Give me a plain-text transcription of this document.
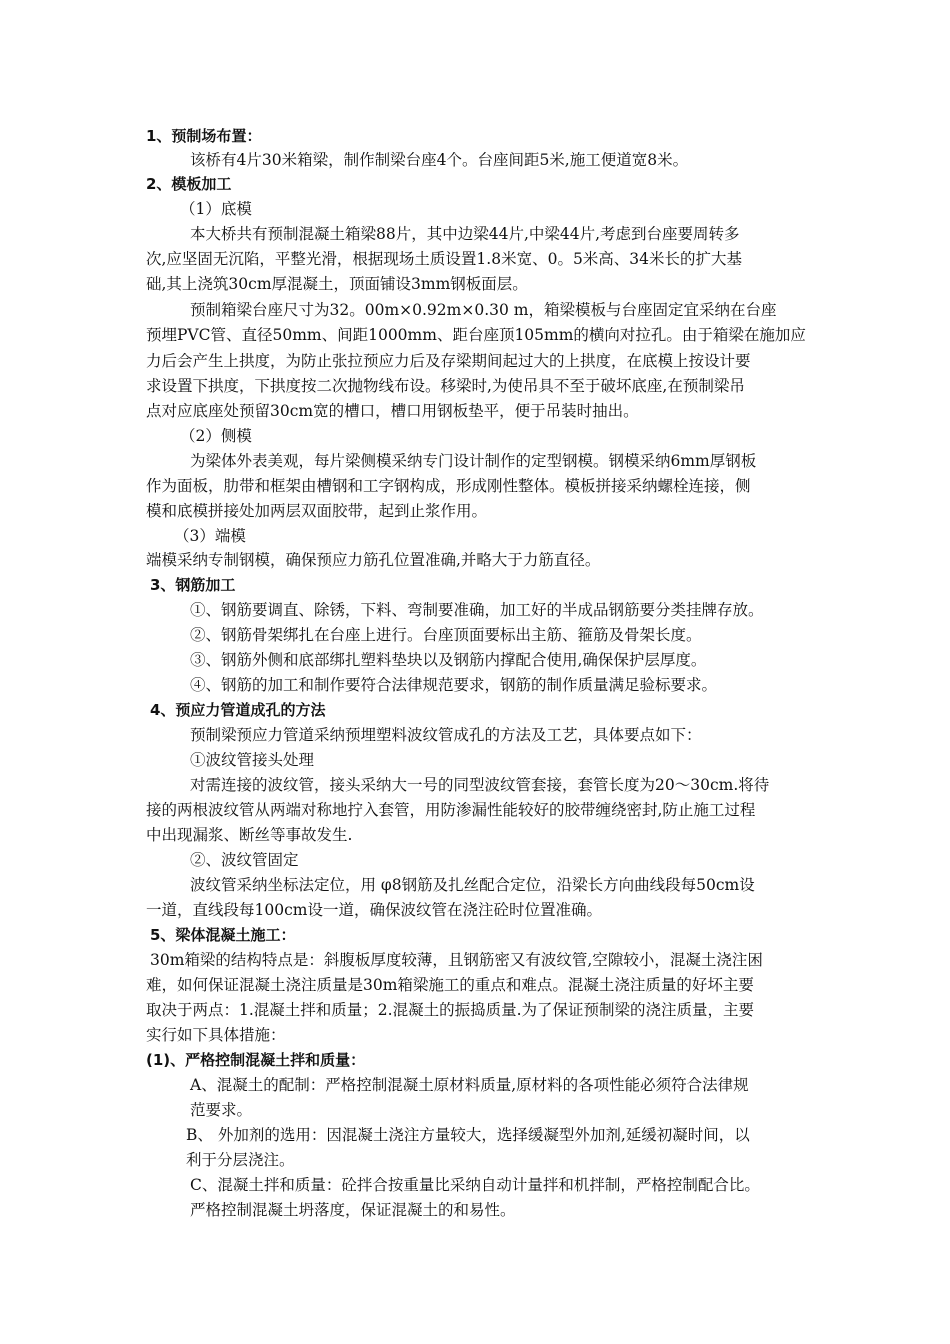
1、预制场布置：
该桥有4片30米箱梁，制作制梁台座4个。台座间距5米,施工便道宽8米。
2、模板加工
（1）底模
本大桥共有预制混凝土箱梁88片，其中边梁44片,中梁44片,考虑到台座要周转多
次,应坚固无沉陷，平整光滑，根据现场土质设置1.8米宽、0。5米高、34米长的扩大基
础,其上浇筑30cm厚混凝土，顶面铺设3mm钢板面层。
预制箱梁台座尺寸为32。00m×0.92m×0.30 m，箱梁模板与台座固定宜采纳在台座
预埋PVC管、直径50mm、间距1000mm、距台座顶105mm的横向对拉孔。由于箱梁在施加应
力后会产生上拱度，为防止张拉预应力后及存梁期间起过大的上拱度，在底模上按设计要
求设置下拱度，下拱度按二次抛物线布设。移梁时,为使吊具不至于破坏底座,在预制梁吊
点对应底座处预留30cm宽的槽口，槽口用钢板垫平，便于吊装时抽出。
（2）侧模
为梁体外表美观，每片梁侧模采纳专门设计制作的定型钢模。钢模采纳6mm厚钢板
作为面板，肋带和框架由槽钢和工字钢构成，形成刚性整体。模板拼接采纳螺栓连接，侧
模和底模拼接处加两层双面胶带，起到止浆作用。
（3）端模
端模采纳专制钢模，确保预应力筋孔位置准确,并略大于力筋直径。
3、钢筋加工
①、钢筋要调直、除锈，下料、弯制要准确，加工好的半成品钢筋要分类挂牌存放。
②、钢筋骨架绑扎在台座上进行。台座顶面要标出主筋、箍筋及骨架长度。
③、钢筋外侧和底部绑扎塑料垫块以及钢筋内撑配合使用,确保保护层厚度。
④、钢筋的加工和制作要符合法律规范要求，钢筋的制作质量满足验标要求。
4、预应力管道成孔的方法
预制梁预应力管道采纳预埋塑料波纹管成孔的方法及工艺，具体要点如下：
①波纹管接头处理
对需连接的波纹管，接头采纳大一号的同型波纹管套接，套管长度为20～30cm.将待
接的两根波纹管从两端对称地拧入套管，用防渗漏性能较好的胶带缠绕密封,防止施工过程
中出现漏浆、断丝等事故发生.
②、波纹管固定
波纹管采纳坐标法定位，用 φ8钢筋及扎丝配合定位，沿梁长方向曲线段每50cm设
一道，直线段每100cm设一道，确保波纹管在浇注砼时位置准确。
5、梁体混凝土施工：
30m箱梁的结构特点是：斜腹板厚度较薄，且钢筋密又有波纹管,空隙较小，混凝土浇注困
难，如何保证混凝土浇注质量是30m箱梁施工的重点和难点。混凝土浇注质量的好坏主要
取决于两点：1.混凝土拌和质量；2.混凝土的振捣质量.为了保证预制梁的浇注质量，主要
实行如下具体措施：
(1)、严格控制混凝土拌和质量：
A、混凝土的配制：严格控制混凝土原材料质量,原材料的各项性能必须符合法律规
范要求。
B、 外加剂的选用：因混凝土浇注方量较大，选择缓凝型外加剂,延缓初凝时间，以
利于分层浇注。
C、混凝土拌和质量：砼拌合按重量比采纳自动计量拌和机拌制，严格控制配合比。
严格控制混凝土坍落度，保证混凝土的和易性。
